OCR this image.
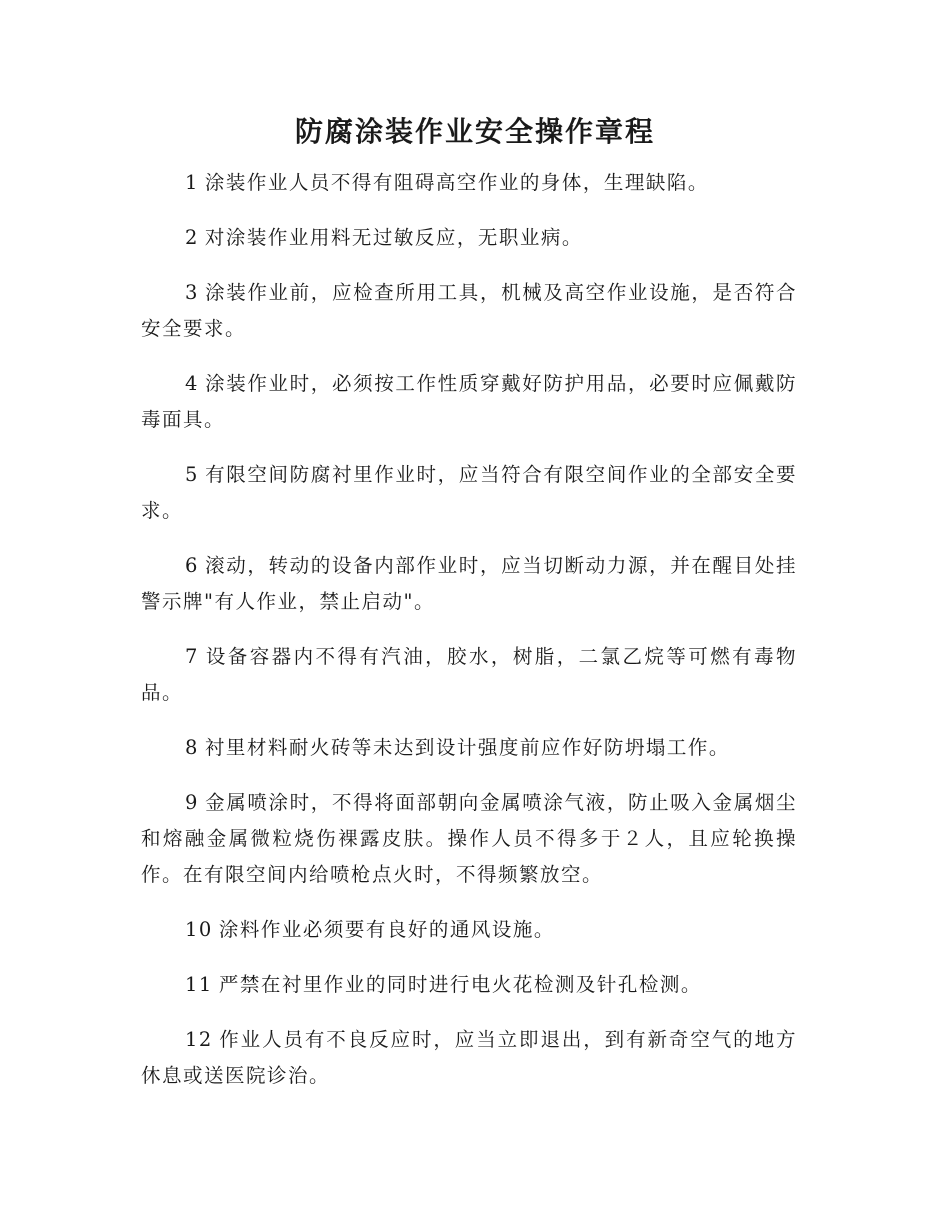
防腐涂装作业安全操作章程

1 涂装作业人员不得有阻碍高空作业的身体，生理缺陷。

2 对涂装作业用料无过敏反应，无职业病。

3 涂装作业前，应检查所用工具，机械及高空作业设施，是否符合安全要求。

4 涂装作业时，必须按工作性质穿戴好防护用品，必要时应佩戴防毒面具。

5 有限空间防腐衬里作业时，应当符合有限空间作业的全部安全要求。

6 滚动，转动的设备内部作业时，应当切断动力源，并在醒目处挂警示牌"有人作业，禁止启动"。

7 设备容器内不得有汽油，胶水，树脂，二氯乙烷等可燃有毒物品。

8 衬里材料耐火砖等未达到设计强度前应作好防坍塌工作。

9 金属喷涂时，不得将面部朝向金属喷涂气液，防止吸入金属烟尘和熔融金属微粒烧伤裸露皮肤。操作人员不得多于２人，且应轮换操作。在有限空间内给喷枪点火时，不得频繁放空。

10 涂料作业必须要有良好的通风设施。

11 严禁在衬里作业的同时进行电火花检测及针孔检测。

12 作业人员有不良反应时，应当立即退出，到有新奇空气的地方休息或送医院诊治。
